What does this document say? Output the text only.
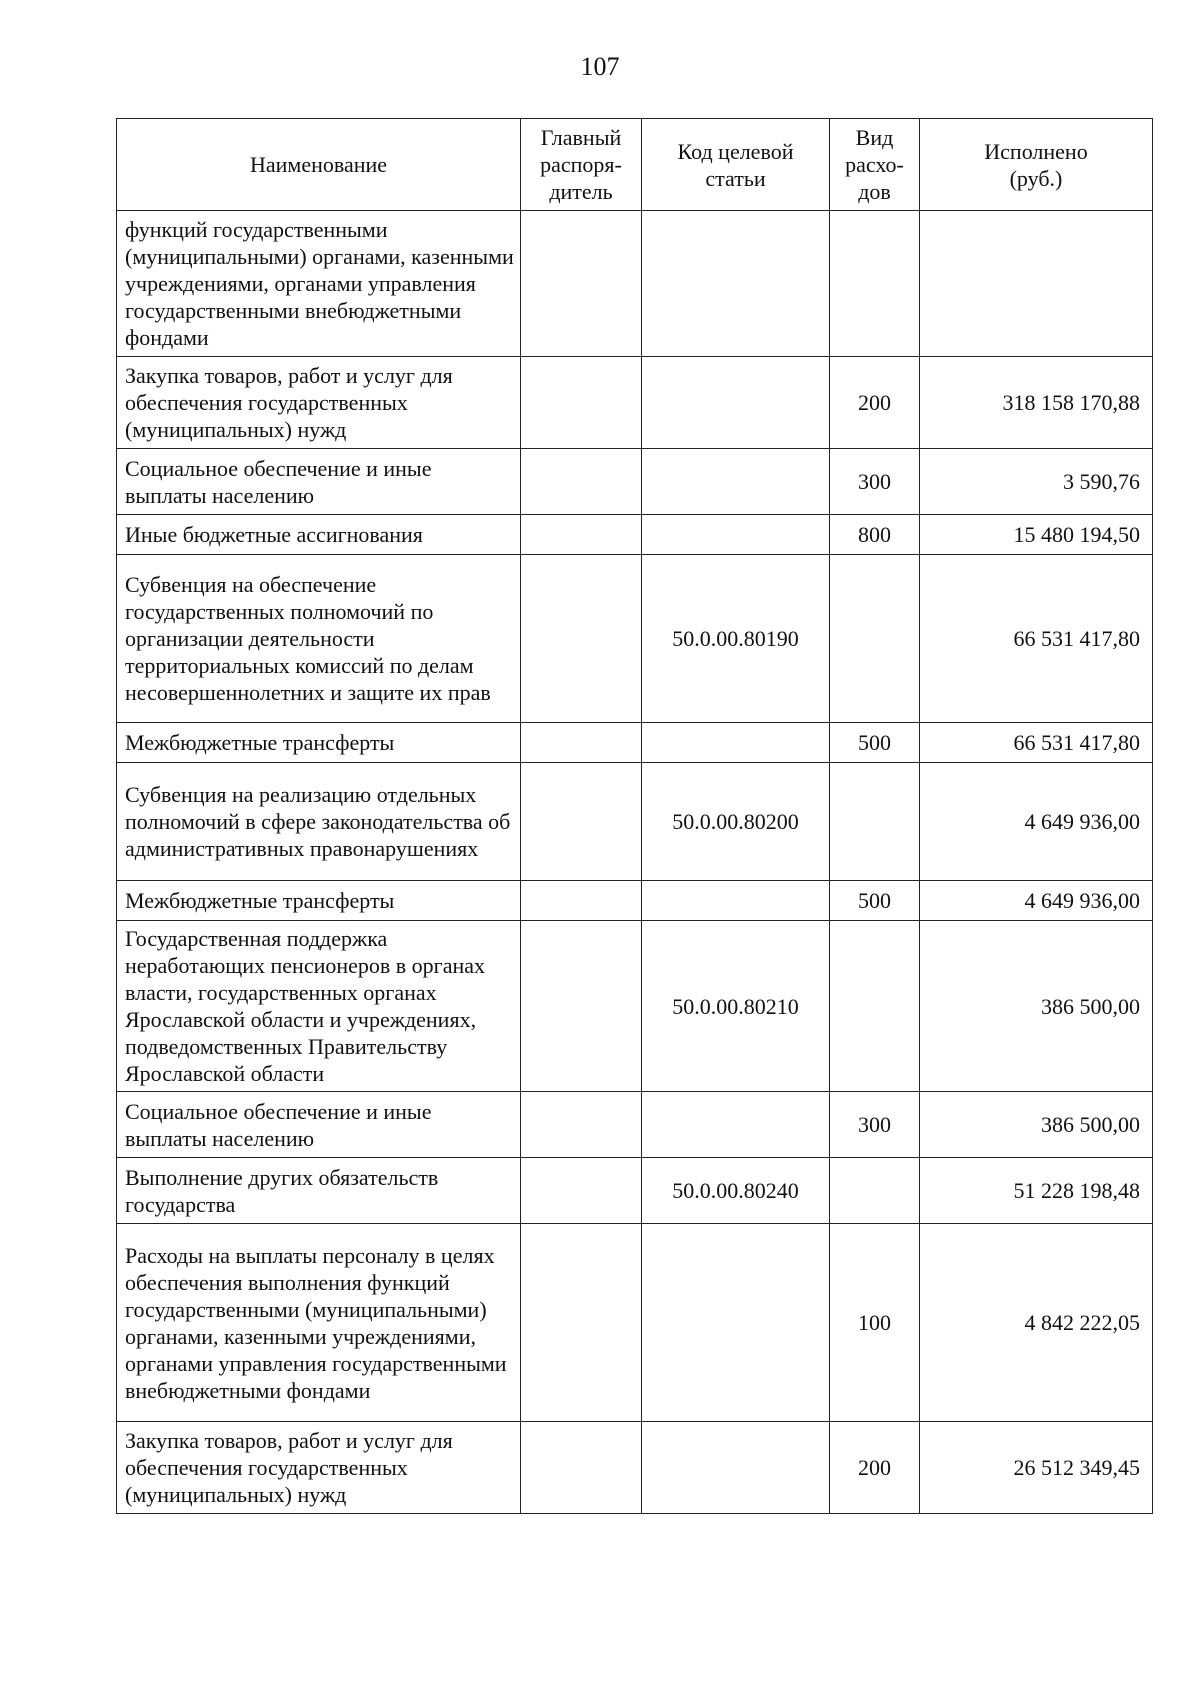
107
Наименование	Главный распоря-дитель	Код целевой статьи	Вид расхо-дов	Исполнено (руб.)
функций государственными (муниципальными) органами, казенными учреждениями, органами управления государственными внебюджетными фондами				
Закупка товаров, работ и услуг для обеспечения государственных (муниципальных) нужд			200	318 158 170,88
Социальное обеспечение и иные выплаты населению			300	3 590,76
Иные бюджетные ассигнования			800	15 480 194,50
Субвенция на обеспечение государственных полномочий по организации деятельности территориальных комиссий по делам несовершеннолетних и защите их прав		50.0.00.80190		66 531 417,80
Межбюджетные трансферты			500	66 531 417,80
Субвенция на реализацию отдельных полномочий в сфере законодательства об административных правонарушениях		50.0.00.80200		4 649 936,00
Межбюджетные трансферты			500	4 649 936,00
Государственная поддержка неработающих пенсионеров в органах власти, государственных органах Ярославской области и учреждениях, подведомственных Правительству Ярославской области		50.0.00.80210		386 500,00
Социальное обеспечение и иные выплаты населению			300	386 500,00
Выполнение других обязательств государства		50.0.00.80240		51 228 198,48
Расходы на выплаты персоналу в целях обеспечения выполнения функций государственными (муниципальными) органами, казенными учреждениями, органами управления государственными внебюджетными фондами			100	4 842 222,05
Закупка товаров, работ и услуг для обеспечения государственных (муниципальных) нужд			200	26 512 349,45
